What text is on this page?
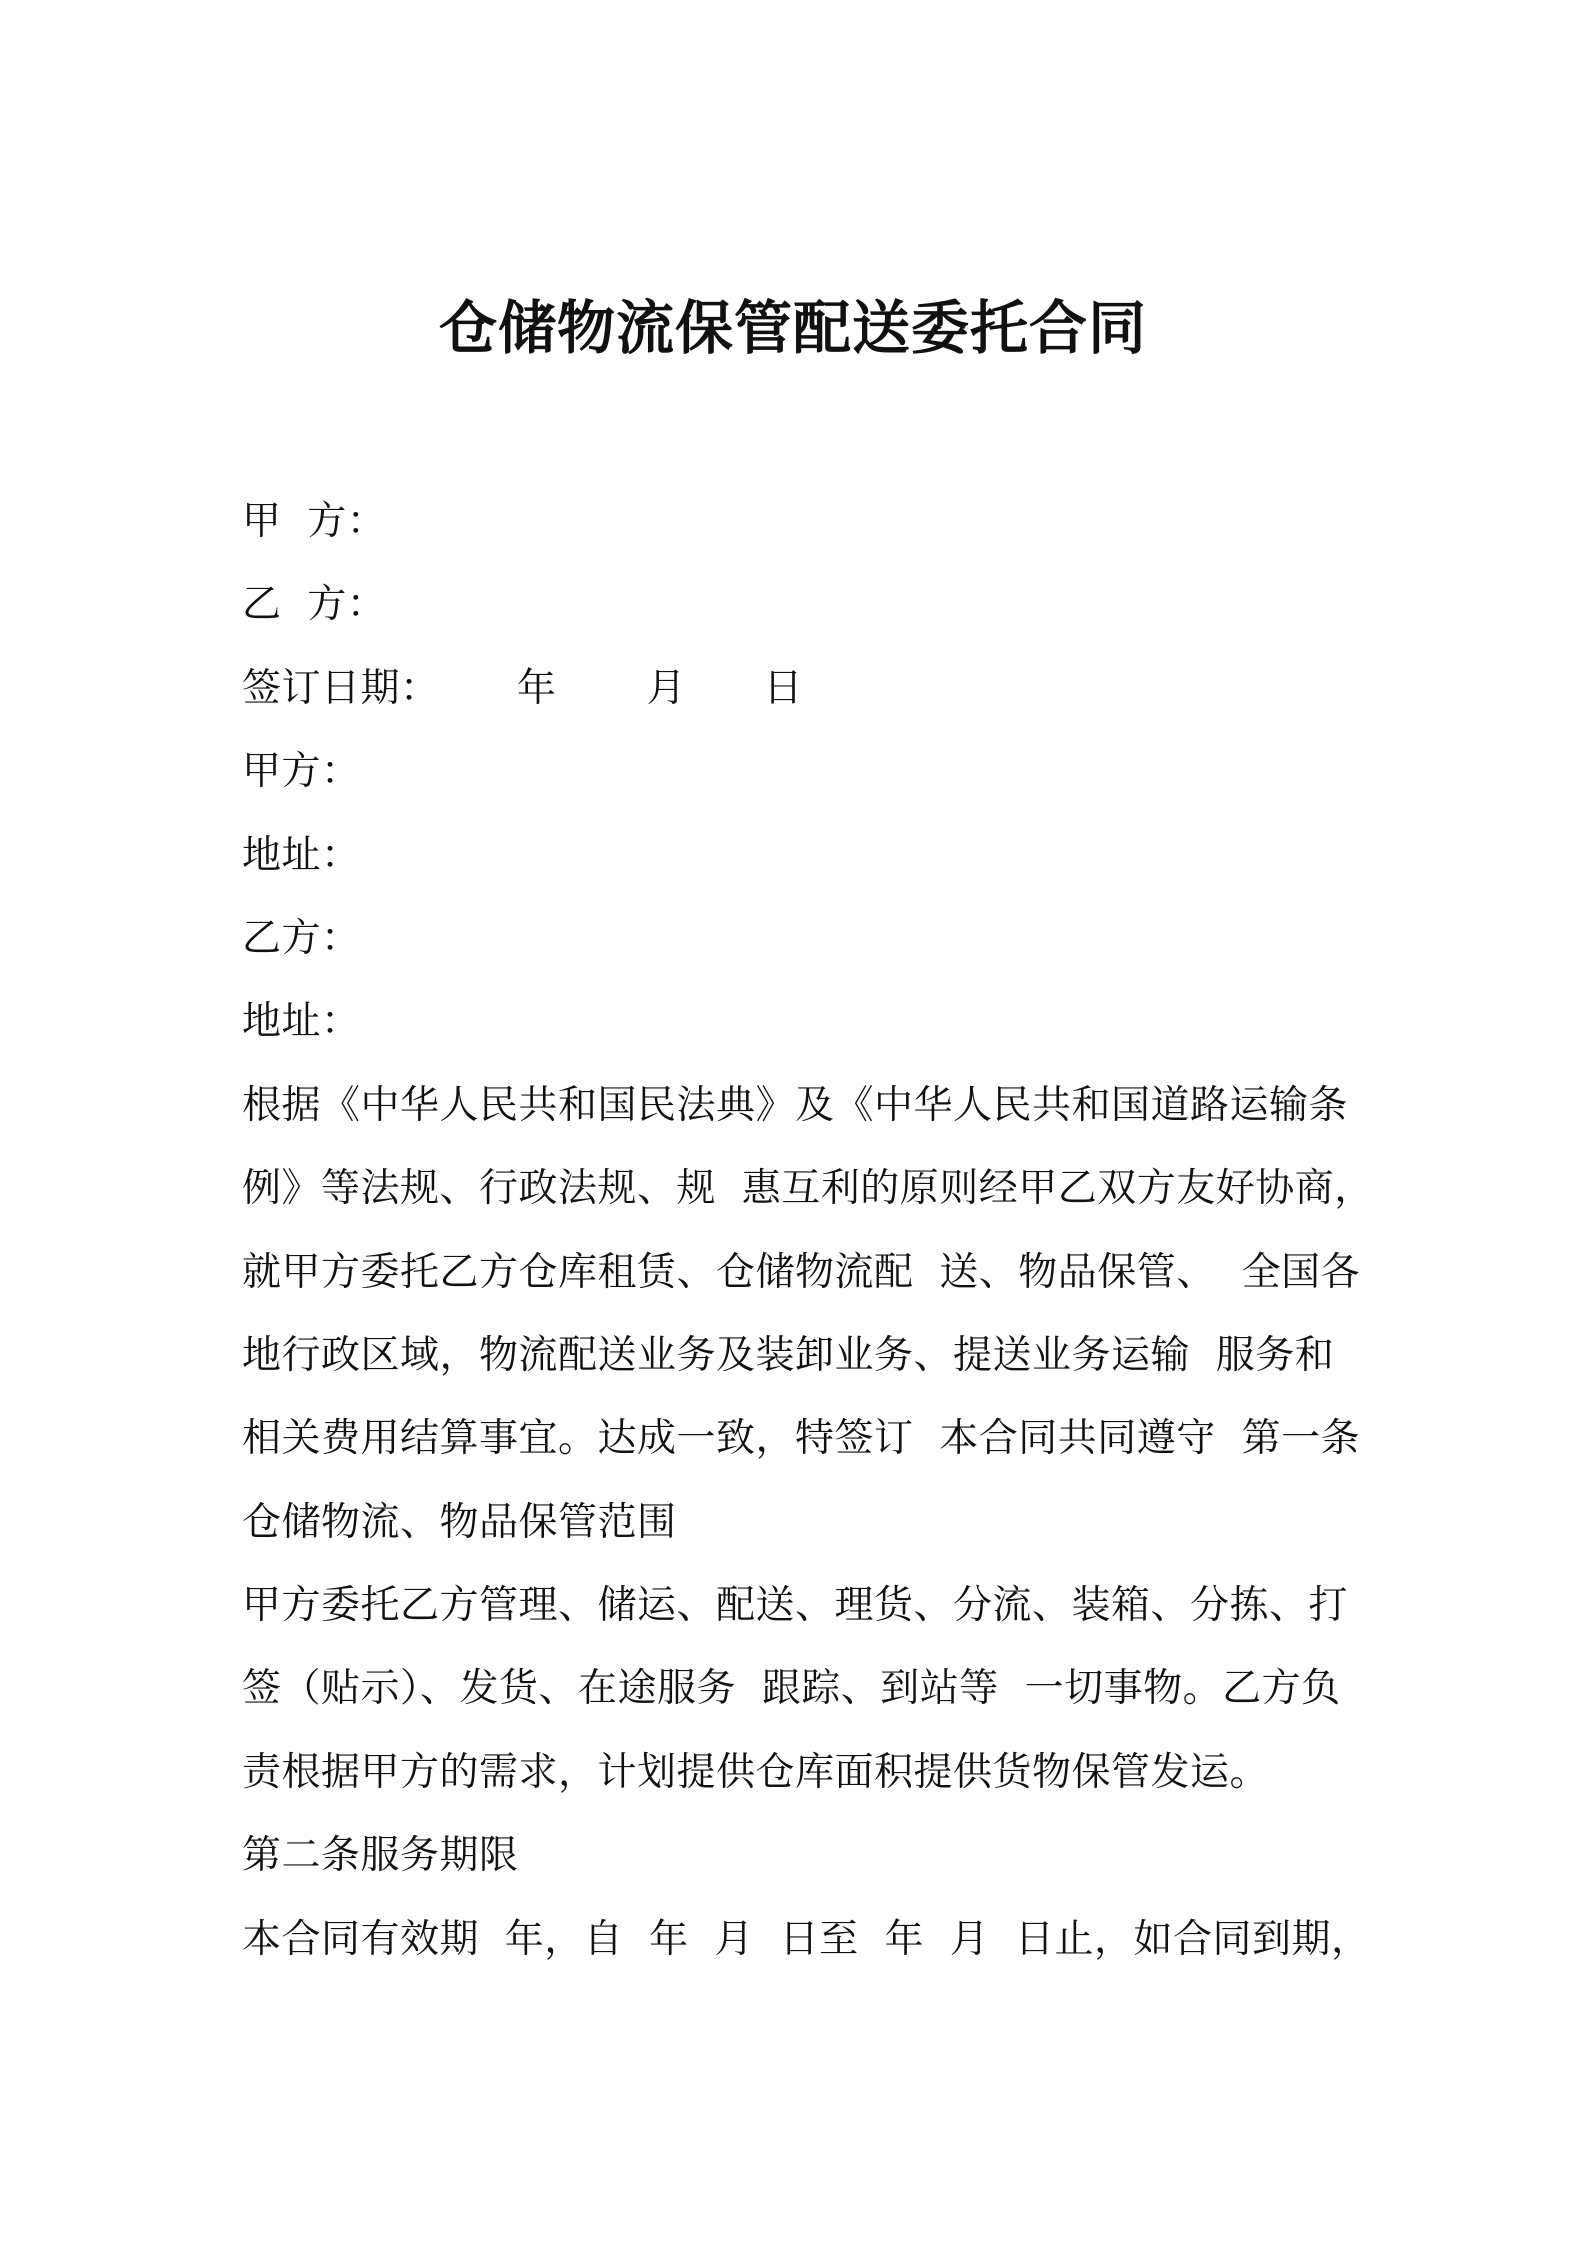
仓储物流保管配送委托合同
甲  方：
乙  方：
签订日期：      年       月      日
甲方：
地址：
乙方：
地址：
根据《中华人民共和国民法典》及《中华人民共和国道路运输条
例》等法规、行政法规、规  惠互利的原则经甲乙双方友好协商，
就甲方委托乙方仓库租赁、仓储物流配  送、物品保管、  全国各
地行政区域，物流配送业务及装卸业务、提送业务运输  服务和
相关费用结算事宜。达成一致，特签订  本合同共同遵守  第一条
仓储物流、物品保管范围
甲方委托乙方管理、储运、配送、理货、分流、装箱、分拣、打
签（贴示）、发货、在途服务  跟踪、到站等  一切事物。乙方负
责根据甲方的需求，计划提供仓库面积提供货物保管发运。
第二条服务期限
本合同有效期  年，自  年  月  日至  年  月  日止，如合同到期，
